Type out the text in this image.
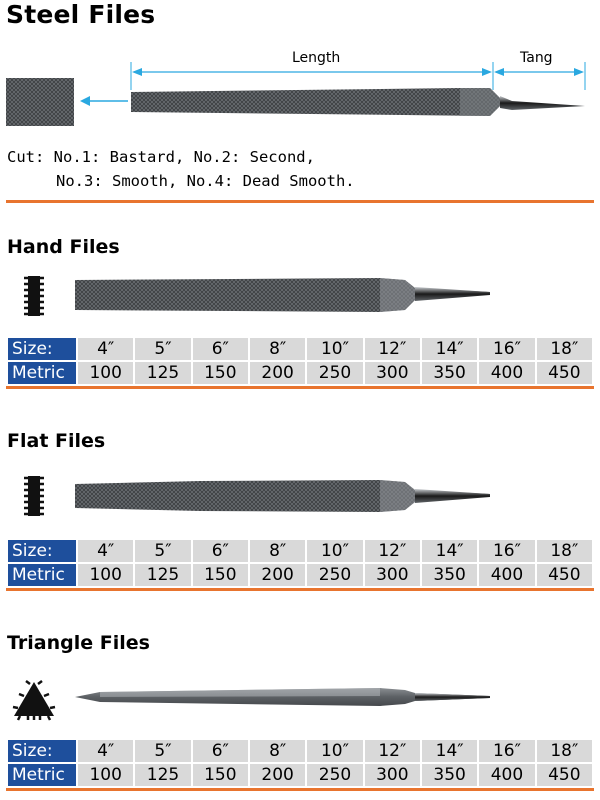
Steel Files
Length	Tang
Cut: No.1: Bastard, No.2: Second,
No.3: Smooth, No.4: Dead Smooth.
Hand Files
Size:	4″	5″	6″	8″	10″	12″	14″	16″	18″
Metric	100	125	150	200	250	300	350	400	450
Flat Files
Size:	4″	5″	6″	8″	10″	12″	14″	16″	18″
Metric	100	125	150	200	250	300	350	400	450
Triangle Files
Size:	4″	5″	6″	8″	10″	12″	14″	16″	18″
Metric	100	125	150	200	250	300	350	400	450
